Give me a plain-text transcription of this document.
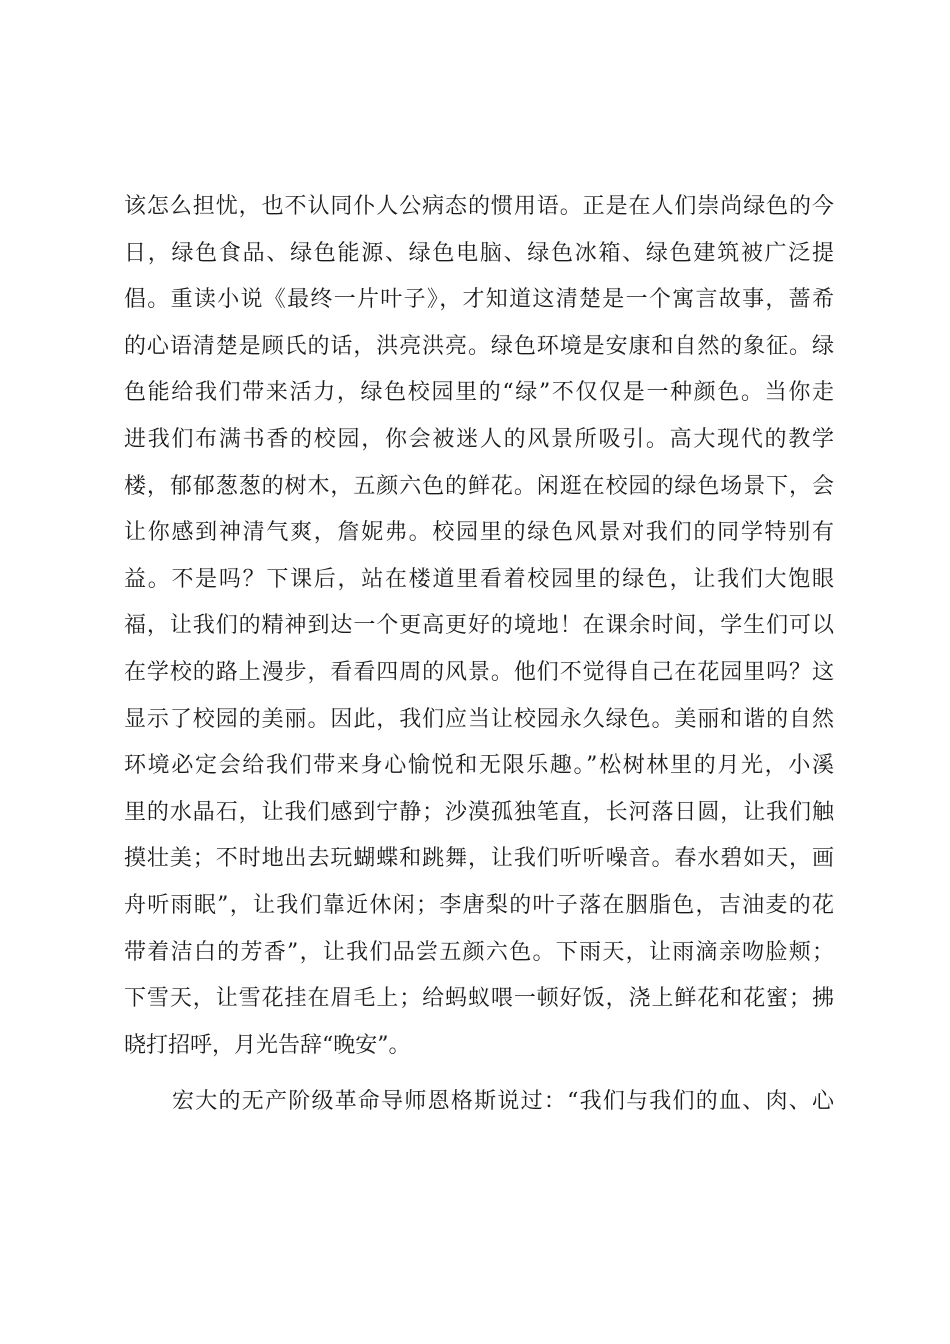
该怎么担忧，也不认同仆人公病态的惯用语。正是在人们崇尚绿色的今
日，绿色食品、绿色能源、绿色电脑、绿色冰箱、绿色建筑被广泛提
倡。重读小说《最终一片叶子》，才知道这清楚是一个寓言故事，蔷希
的心语清楚是顾氏的话，洪亮洪亮。绿色环境是安康和自然的象征。绿
色能给我们带来活力，绿色校园里的“绿”不仅仅是一种颜色。当你走
进我们布满书香的校园，你会被迷人的风景所吸引。高大现代的教学
楼，郁郁葱葱的树木，五颜六色的鲜花。闲逛在校园的绿色场景下，会
让你感到神清气爽，詹妮弗。校园里的绿色风景对我们的同学特别有
益。不是吗？下课后，站在楼道里看着校园里的绿色，让我们大饱眼
福，让我们的精神到达一个更高更好的境地！在课余时间，学生们可以
在学校的路上漫步，看看四周的风景。他们不觉得自己在花园里吗？这
显示了校园的美丽。因此，我们应当让校园永久绿色。美丽和谐的自然
环境必定会给我们带来身心愉悦和无限乐趣。”松树林里的月光，小溪
里的水晶石，让我们感到宁静；沙漠孤独笔直，长河落日圆，让我们触
摸壮美；不时地出去玩蝴蝶和跳舞，让我们听听噪音。春水碧如天，画
舟听雨眠”，让我们靠近休闲；李唐梨的叶子落在胭脂色，吉油麦的花
带着洁白的芳香”，让我们品尝五颜六色。下雨天，让雨滴亲吻脸颊；
下雪天，让雪花挂在眉毛上；给蚂蚁喂一顿好饭，浇上鲜花和花蜜；拂
晓打招呼，月光告辞“晚安”。
宏大的无产阶级革命导师恩格斯说过：“我们与我们的血、肉、心
